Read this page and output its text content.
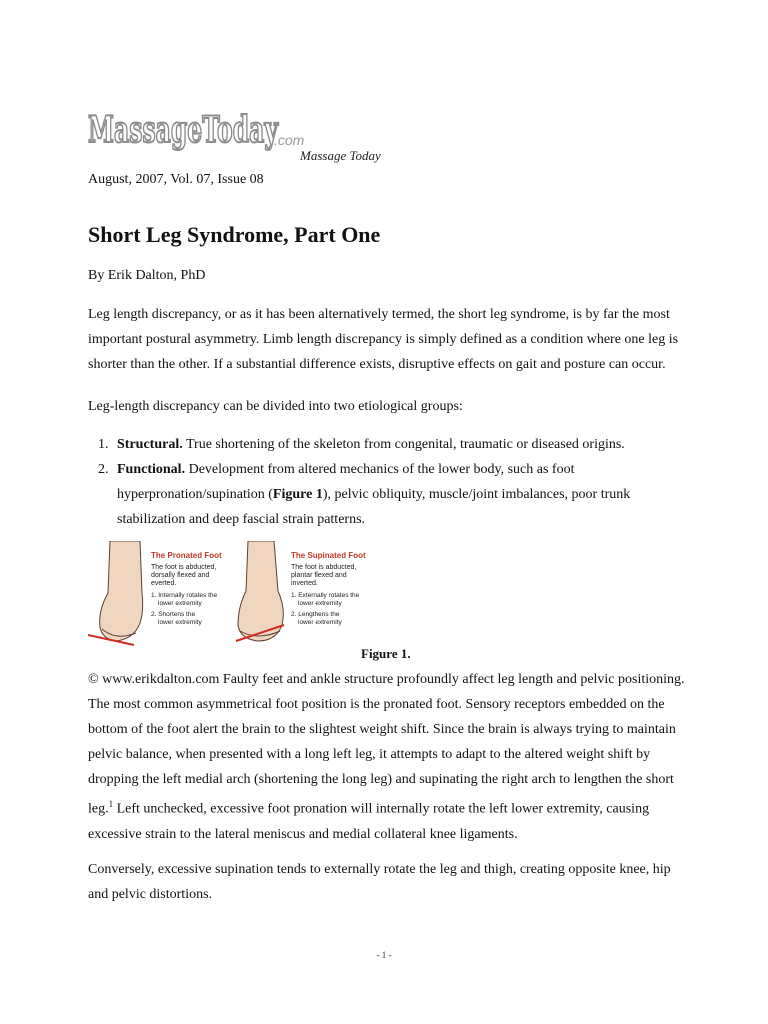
MassageToday
.com
Massage Today
August, 2007, Vol. 07, Issue 08
Short Leg Syndrome, Part One
By Erik Dalton, PhD

Leg length discrepancy, or as it has been alternatively termed, the short leg syndrome, is by far the most important postural asymmetry. Limb length discrepancy is simply defined as a condition where one leg is shorter than the other. If a substantial difference exists, disruptive effects on gait and posture can occur.

Leg-length discrepancy can be divided into two etiological groups:

1. Structural. True shortening of the skeleton from congenital, traumatic or diseased origins.
2. Functional. Development from altered mechanics of the lower body, such as foot hyperpronation/supination (Figure 1), pelvic obliquity, muscle/joint imbalances, poor trunk stabilization and deep fascial strain patterns.
The Pronated Foot
The foot is abducted, dorsally flexed and everted.
1. Internally rotates the lower extremity
2. Shortens the lower extremity
The Supinated Foot
The foot is abducted, plantar flexed and inverted.
1. Externally rotates the lower extremity
2. Lengthens the lower extremity
Figure 1.

© www.erikdalton.com Faulty feet and ankle structure profoundly affect leg length and pelvic positioning. The most common asymmetrical foot position is the pronated foot. Sensory receptors embedded on the bottom of the foot alert the brain to the slightest weight shift. Since the brain is always trying to maintain pelvic balance, when presented with a long left leg, it attempts to adapt to the altered weight shift by dropping the left medial arch (shortening the long leg) and supinating the right arch to lengthen the short leg.$^1$ Left unchecked, excessive foot pronation will internally rotate the left lower extremity, causing excessive strain to the lateral meniscus and medial collateral knee ligaments.

Conversely, excessive supination tends to externally rotate the leg and thigh, creating opposite knee, hip and pelvic distortions.

- 1 -
